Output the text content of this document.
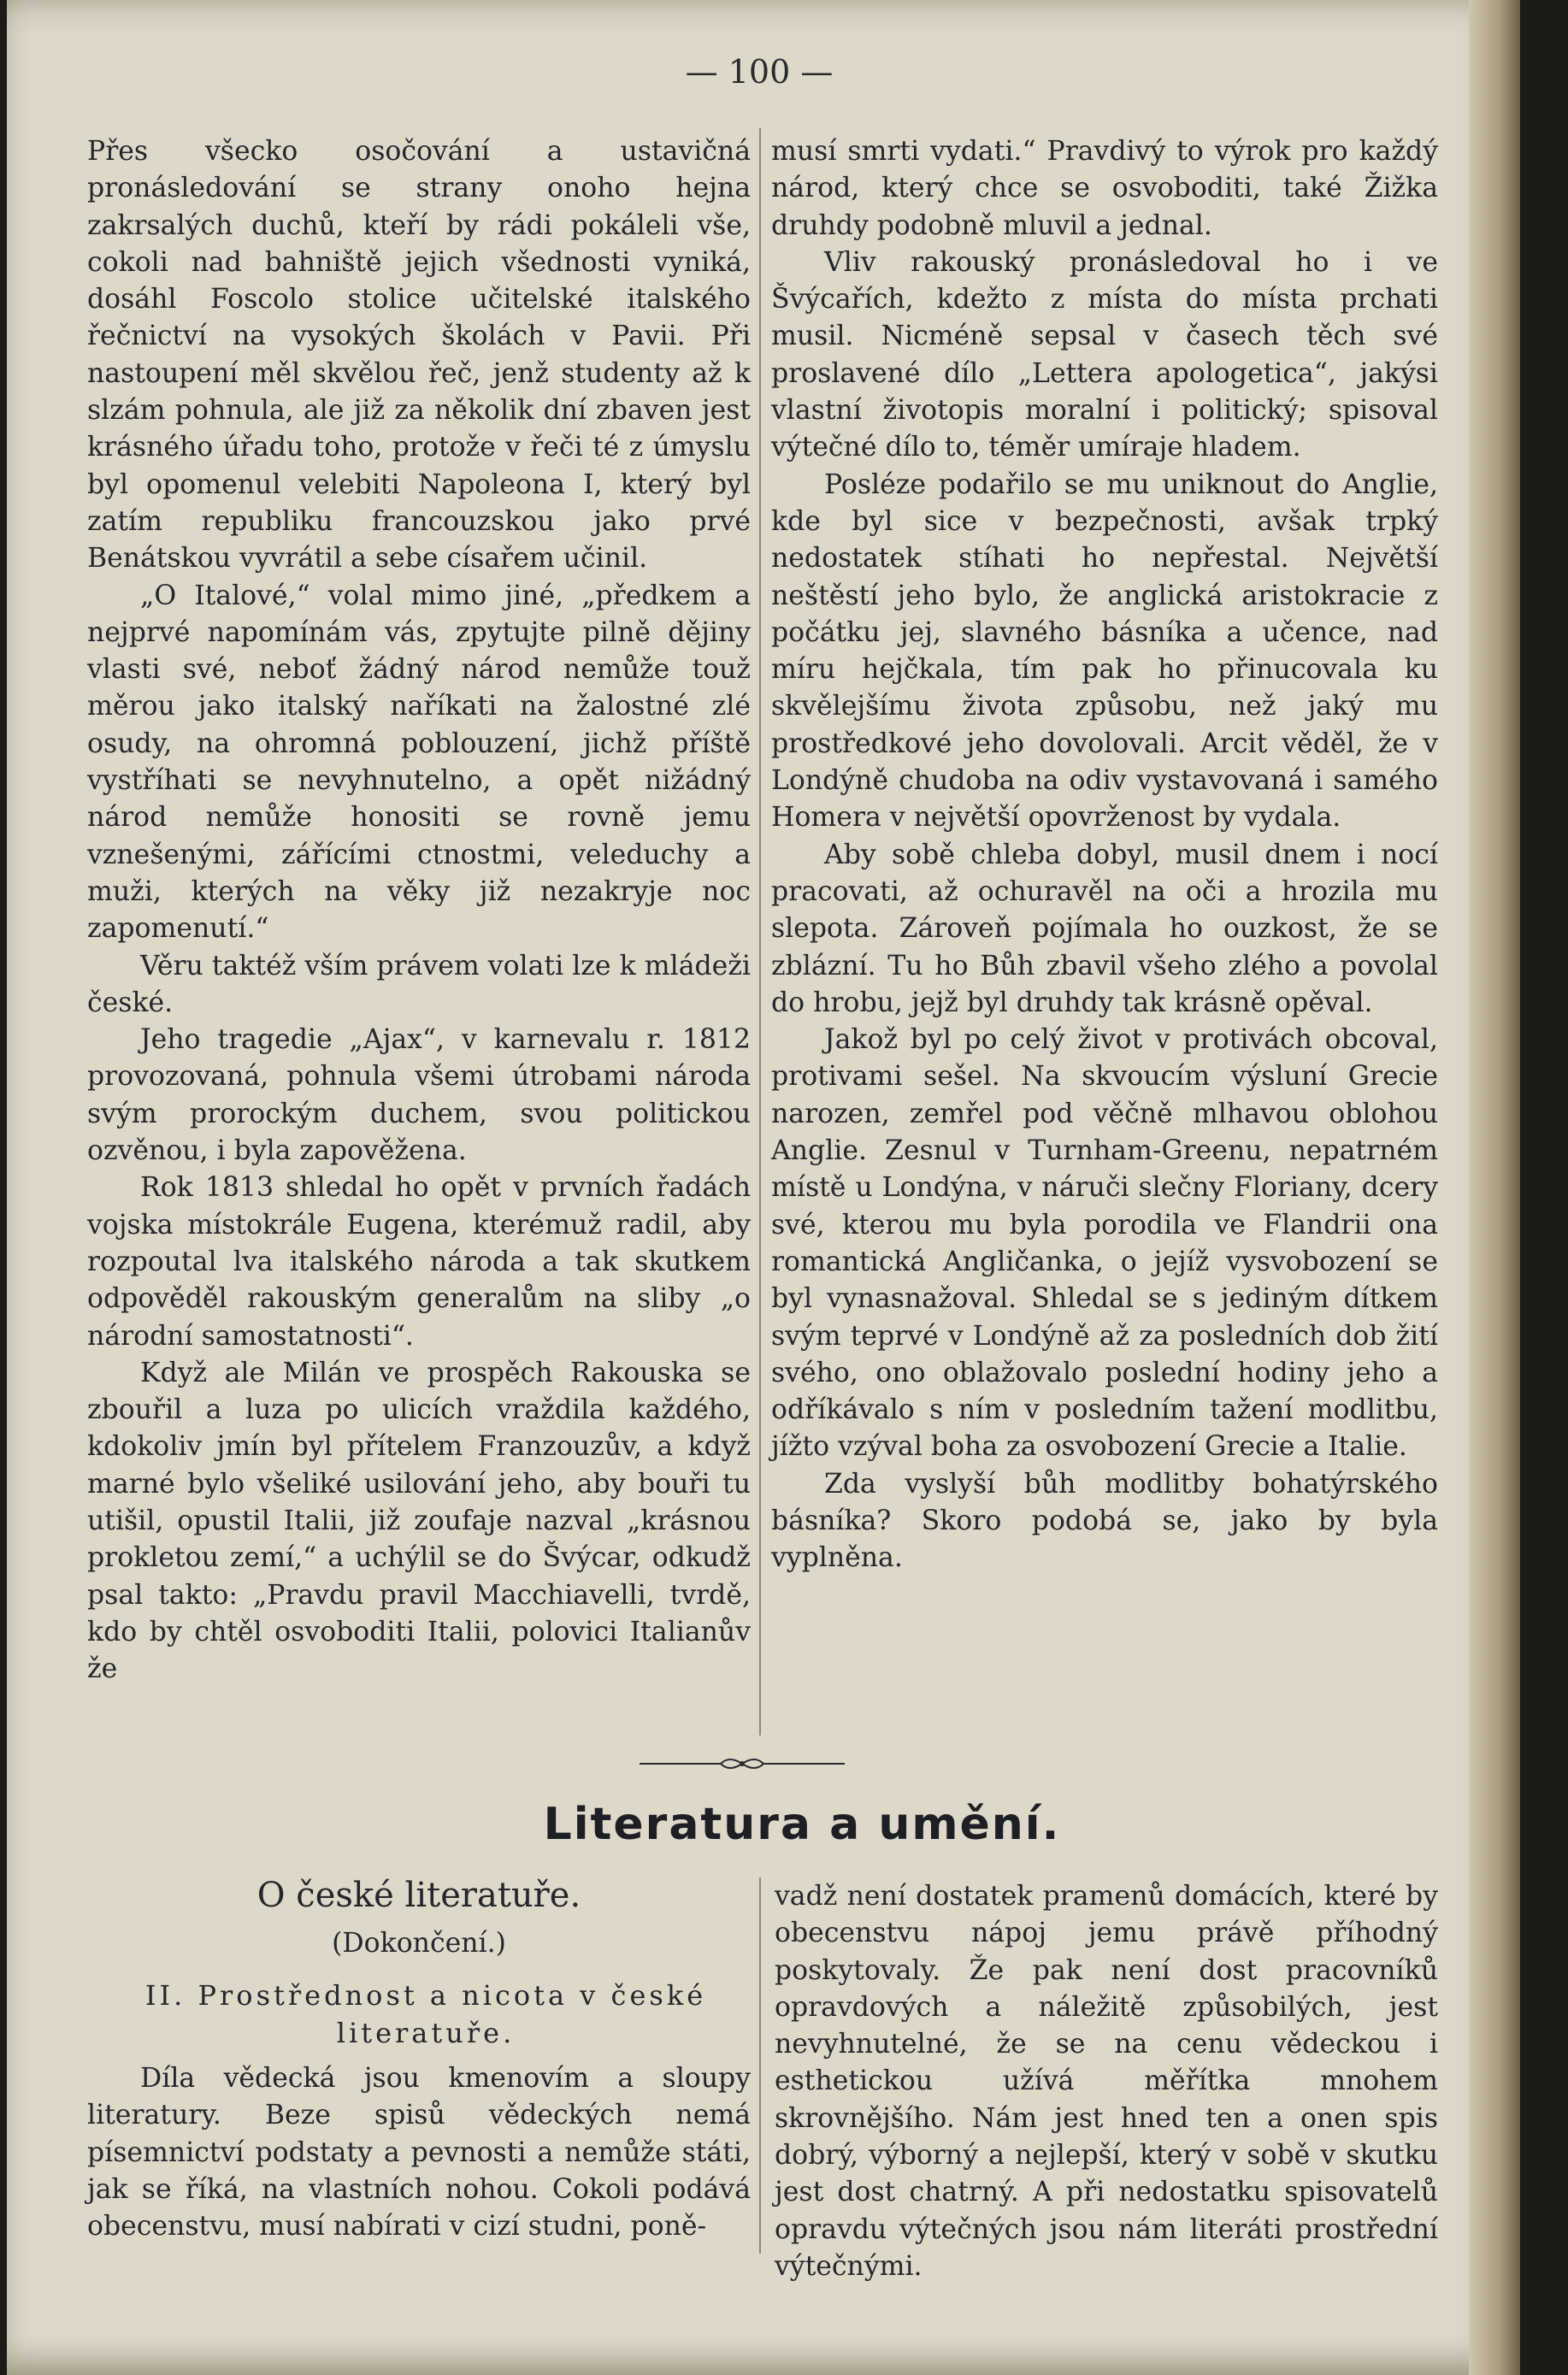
— 100 —

Přes všecko osočování a ustavičná pronásledování se strany onoho hejna zakrsalých duchů, kteří by rádi pokáleli vše, cokoli nad bahniště jejich všednosti vyniká, dosáhl Foscolo stolice učitelské italského řečnictví na vysokých školách v Pavii. Při nastoupení měl skvělou řeč, jenž studenty až k slzám pohnula, ale již za několik dní zbaven jest krásného úřadu toho, protože v řeči té z úmyslu byl opomenul velebiti Napoleona I, který byl zatím republiku francouzskou jako prvé Benátskou vyvrátil a sebe císařem učinil.

„O Italové,“ volal mimo jiné, „předkem a nejprvé napomínám vás, zpytujte pilně dějiny vlasti své, neboť žádný národ nemůže touž měrou jako italský naříkati na žalostné zlé osudy, na ohromná poblouzení, jichž příště vystříhati se nevyhnutelno, a opět nižádný národ nemůže honositi se rovně jemu vznešenými, zářícími ctnostmi, veleduchy a muži, kterých na věky již nezakryje noc zapomenutí.“

Věru taktéž vším právem volati lze k mládeži české.

Jeho tragedie „Ajax“, v karnevalu r. 1812 provozovaná, pohnula všemi útrobami národa svým prorockým duchem, svou politickou ozvěnou, i byla zapověžena.

Rok 1813 shledal ho opět v prvních řadách vojska místokrále Eugena, kterémuž radil, aby rozpoutal lva italského národa a tak skutkem odpověděl rakouským generalům na sliby „o národní samostatnosti“.

Když ale Milán ve prospěch Rakouska se zbouřil a luza po ulicích vraždila každého, kdokoliv jmín byl přítelem Franzouzův, a když marné bylo všeliké usilování jeho, aby bouři tu utišil, opustil Italii, již zoufaje nazval „krásnou prokletou zemí,“ a uchýlil se do Švýcar, odkudž psal takto: „Pravdu pravil Macchiavelli, tvrdě, kdo by chtěl osvoboditi Italii, polovici Italianův že

musí smrti vydati.“ Pravdivý to výrok pro každý národ, který chce se osvoboditi, také Žižka druhdy podobně mluvil a jednal.

Vliv rakouský pronásledoval ho i ve Švýcařích, kdežto z místa do místa prchati musil. Nicméně sepsal v časech těch své proslavené dílo „Lettera apologetica“, jakýsi vlastní životopis moralní i politický; spisoval výtečné dílo to, téměr umíraje hladem.

Posléze podařilo se mu uniknout do Anglie, kde byl sice v bezpečnosti, avšak trpký nedostatek stíhati ho nepřestal. Největší neštěstí jeho bylo, že anglická aristokracie z počátku jej, slavného básníka a učence, nad míru hejčkala, tím pak ho přinucovala ku skvělejšímu života způsobu, než jaký mu prostředkové jeho dovolovali. Arcit věděl, že v Londýně chudoba na odiv vystavovaná i samého Homera v největší opovrženost by vydala.

Aby sobě chleba dobyl, musil dnem i nocí pracovati, až ochuravěl na oči a hrozila mu slepota. Zároveň pojímala ho ouzkost, že se zblázní. Tu ho Bůh zbavil všeho zlého a povolal do hrobu, jejž byl druhdy tak krásně opěval.

Jakož byl po celý život v protivách obcoval, protivami sešel. Na skvoucím výsluní Grecie narozen, zemřel pod věčně mlhavou oblohou Anglie. Zesnul v Turnham-Greenu, nepatrném místě u Londýna, v náruči slečny Floriany, dcery své, kterou mu byla porodila ve Flandrii ona romantická Angličanka, o jejíž vysvobození se byl vynasnažoval. Shledal se s jediným dítkem svým teprvé v Londýně až za posledních dob žití svého, ono oblažovalo poslední hodiny jeho a odříkávalo s ním v posledním tažení modlitbu, jížto vzýval boha za osvobození Grecie a Italie.

Zda vyslyší bůh modlitby bohatýrského básníka? Skoro podobá se, jako by byla vyplněna.

Literatura a umění.
O české literatuře.
(Dokončení.)
II. Prostřednost a nicota v české literatuře.

Díla vědecká jsou kmenovím a sloupy literatury. Beze spisů vědeckých nemá písemnictví podstaty a pevnosti a nemůže státi, jak se říká, na vlastních nohou. Cokoli podává obecenstvu, musí nabírati v cizí studni, poně-

vadž není dostatek pramenů domácích, které by obecenstvu nápoj jemu právě příhodný poskytovaly. Že pak není dost pracovníků opravdových a náležitě způsobilých, jest nevyhnutelné, že se na cenu vědeckou i esthetickou užívá měřítka mnohem skrovnějšího. Nám jest hned ten a onen spis dobrý, výborný a nejlepší, který v sobě v skutku jest dost chatrný. A při nedostatku spisovatelů opravdu výtečných jsou nám literáti prostřední výtečnými.
